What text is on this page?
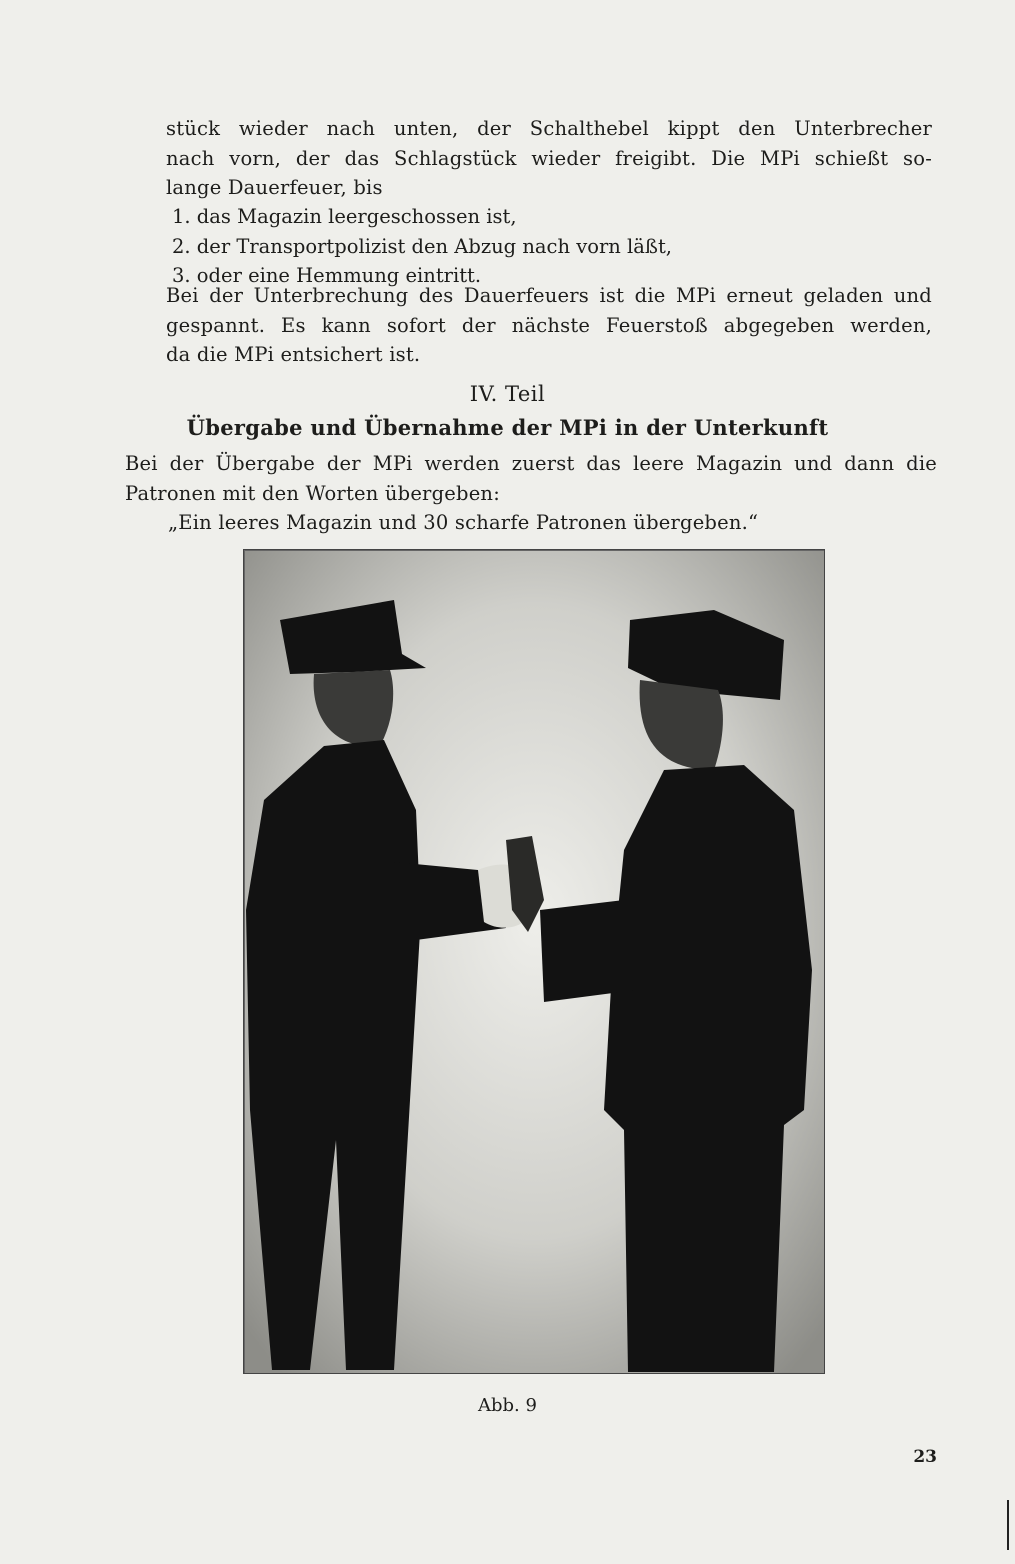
stück wieder nach unten, der Schalthebel kippt den Unterbrecher
nach vorn, der das Schlagstück wieder freigibt. Die MPi schießt so-
lange Dauerfeuer, bis
1. das Magazin leergeschossen ist,
2. der Transportpolizist den Abzug nach vorn läßt,
3. oder eine Hemmung eintritt.
Bei der Unterbrechung des Dauerfeuers ist die MPi erneut geladen und
gespannt. Es kann sofort der nächste Feuerstoß abgegeben werden,
da die MPi entsichert ist.
IV. Teil
Übergabe und Übernahme der MPi in der Unterkunft
Bei der Übergabe der MPi werden zuerst das leere Magazin und dann die
Patronen mit den Worten übergeben:
„Ein leeres Magazin und 30 scharfe Patronen übergeben.“
Abb. 9
23
